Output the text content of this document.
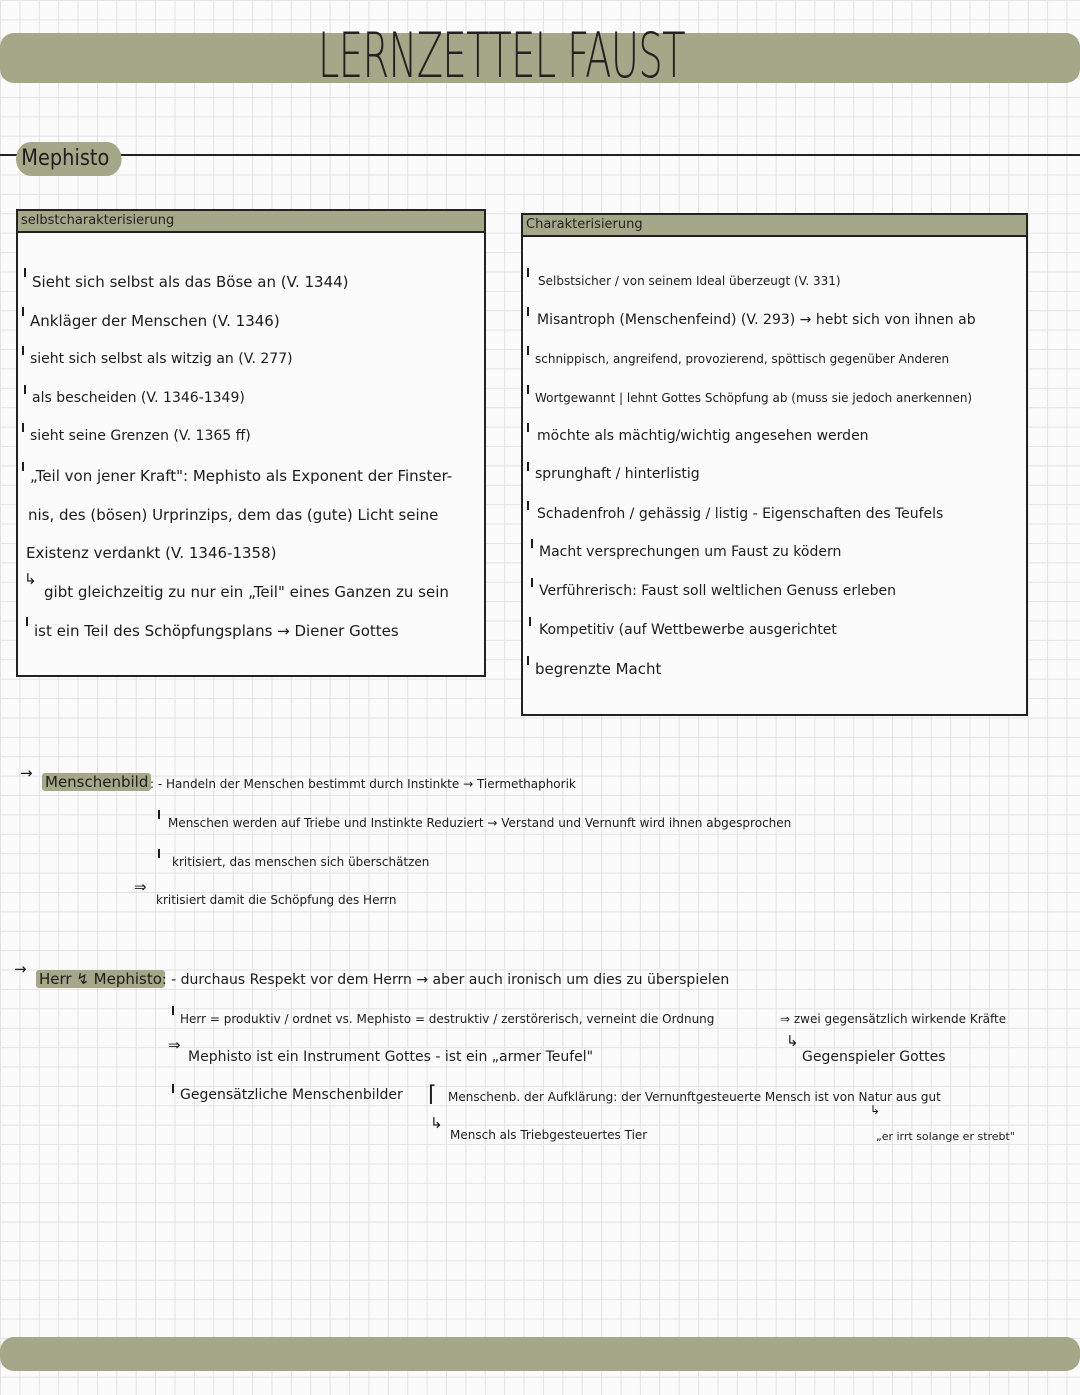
LERNZETTEL FAUST
Mephisto
selbstcharakterisierung
Sieht sich selbst als das Böse an (V. 1344)
Ankläger der Menschen (V. 1346)
sieht sich selbst als witzig an (V. 277)
als bescheiden (V. 1346-1349)
sieht seine Grenzen (V. 1365 ff)
„Teil von jener Kraft": Mephisto als Exponent der Finster-
nis, des (bösen) Urprinzips, dem das (gute) Licht seine
Existenz verdankt (V. 1346-1358)
↳
gibt gleichzeitig zu nur ein „Teil" eines Ganzen zu sein
ist ein Teil des Schöpfungsplans → Diener Gottes
Charakterisierung
Selbstsicher / von seinem Ideal überzeugt (V. 331)
Misantroph (Menschenfeind) (V. 293) → hebt sich von ihnen ab
schnippisch, angreifend, provozierend, spöttisch gegenüber Anderen
Wortgewannt | lehnt Gottes Schöpfung ab (muss sie jedoch anerkennen)
möchte als mächtig/wichtig angesehen werden
sprunghaft / hinterlistig
Schadenfroh / gehässig / listig - Eigenschaften des Teufels
Macht versprechungen um Faust zu ködern
Verführerisch: Faust soll weltlichen Genuss erleben
Kompetitiv (auf Wettbewerbe ausgerichtet
begrenzte Macht
→ Menschenbild : - Handeln der Menschen bestimmt durch Instinkte → Tiermethaphorik
Menschen werden auf Triebe und Instinkte Reduziert → Verstand und Vernunft wird ihnen abgesprochen
kritisiert, das menschen sich überschätzen
⇒
kritisiert damit die Schöpfung des Herrn
→
Herr ↯ Mephisto : - durchaus Respekt vor dem Herrn → aber auch ironisch um dies zu überspielen
Herr = produktiv / ordnet vs. Mephisto = destruktiv / zerstörerisch, verneint die Ordnung	⇒ zwei gegensätzlich wirkende Kräfte
⇒
Mephisto ist ein Instrument Gottes - ist ein „armer Teufel"
↳
Gegenspieler Gottes
Gegensätzliche Menschenbilder ⌈ Menschenb. der Aufklärung: der Vernunftgesteuerte Mensch ist von Natur aus gut
↳
„er irrt solange er strebt"
↳
Mensch als Triebgesteuertes Tier
